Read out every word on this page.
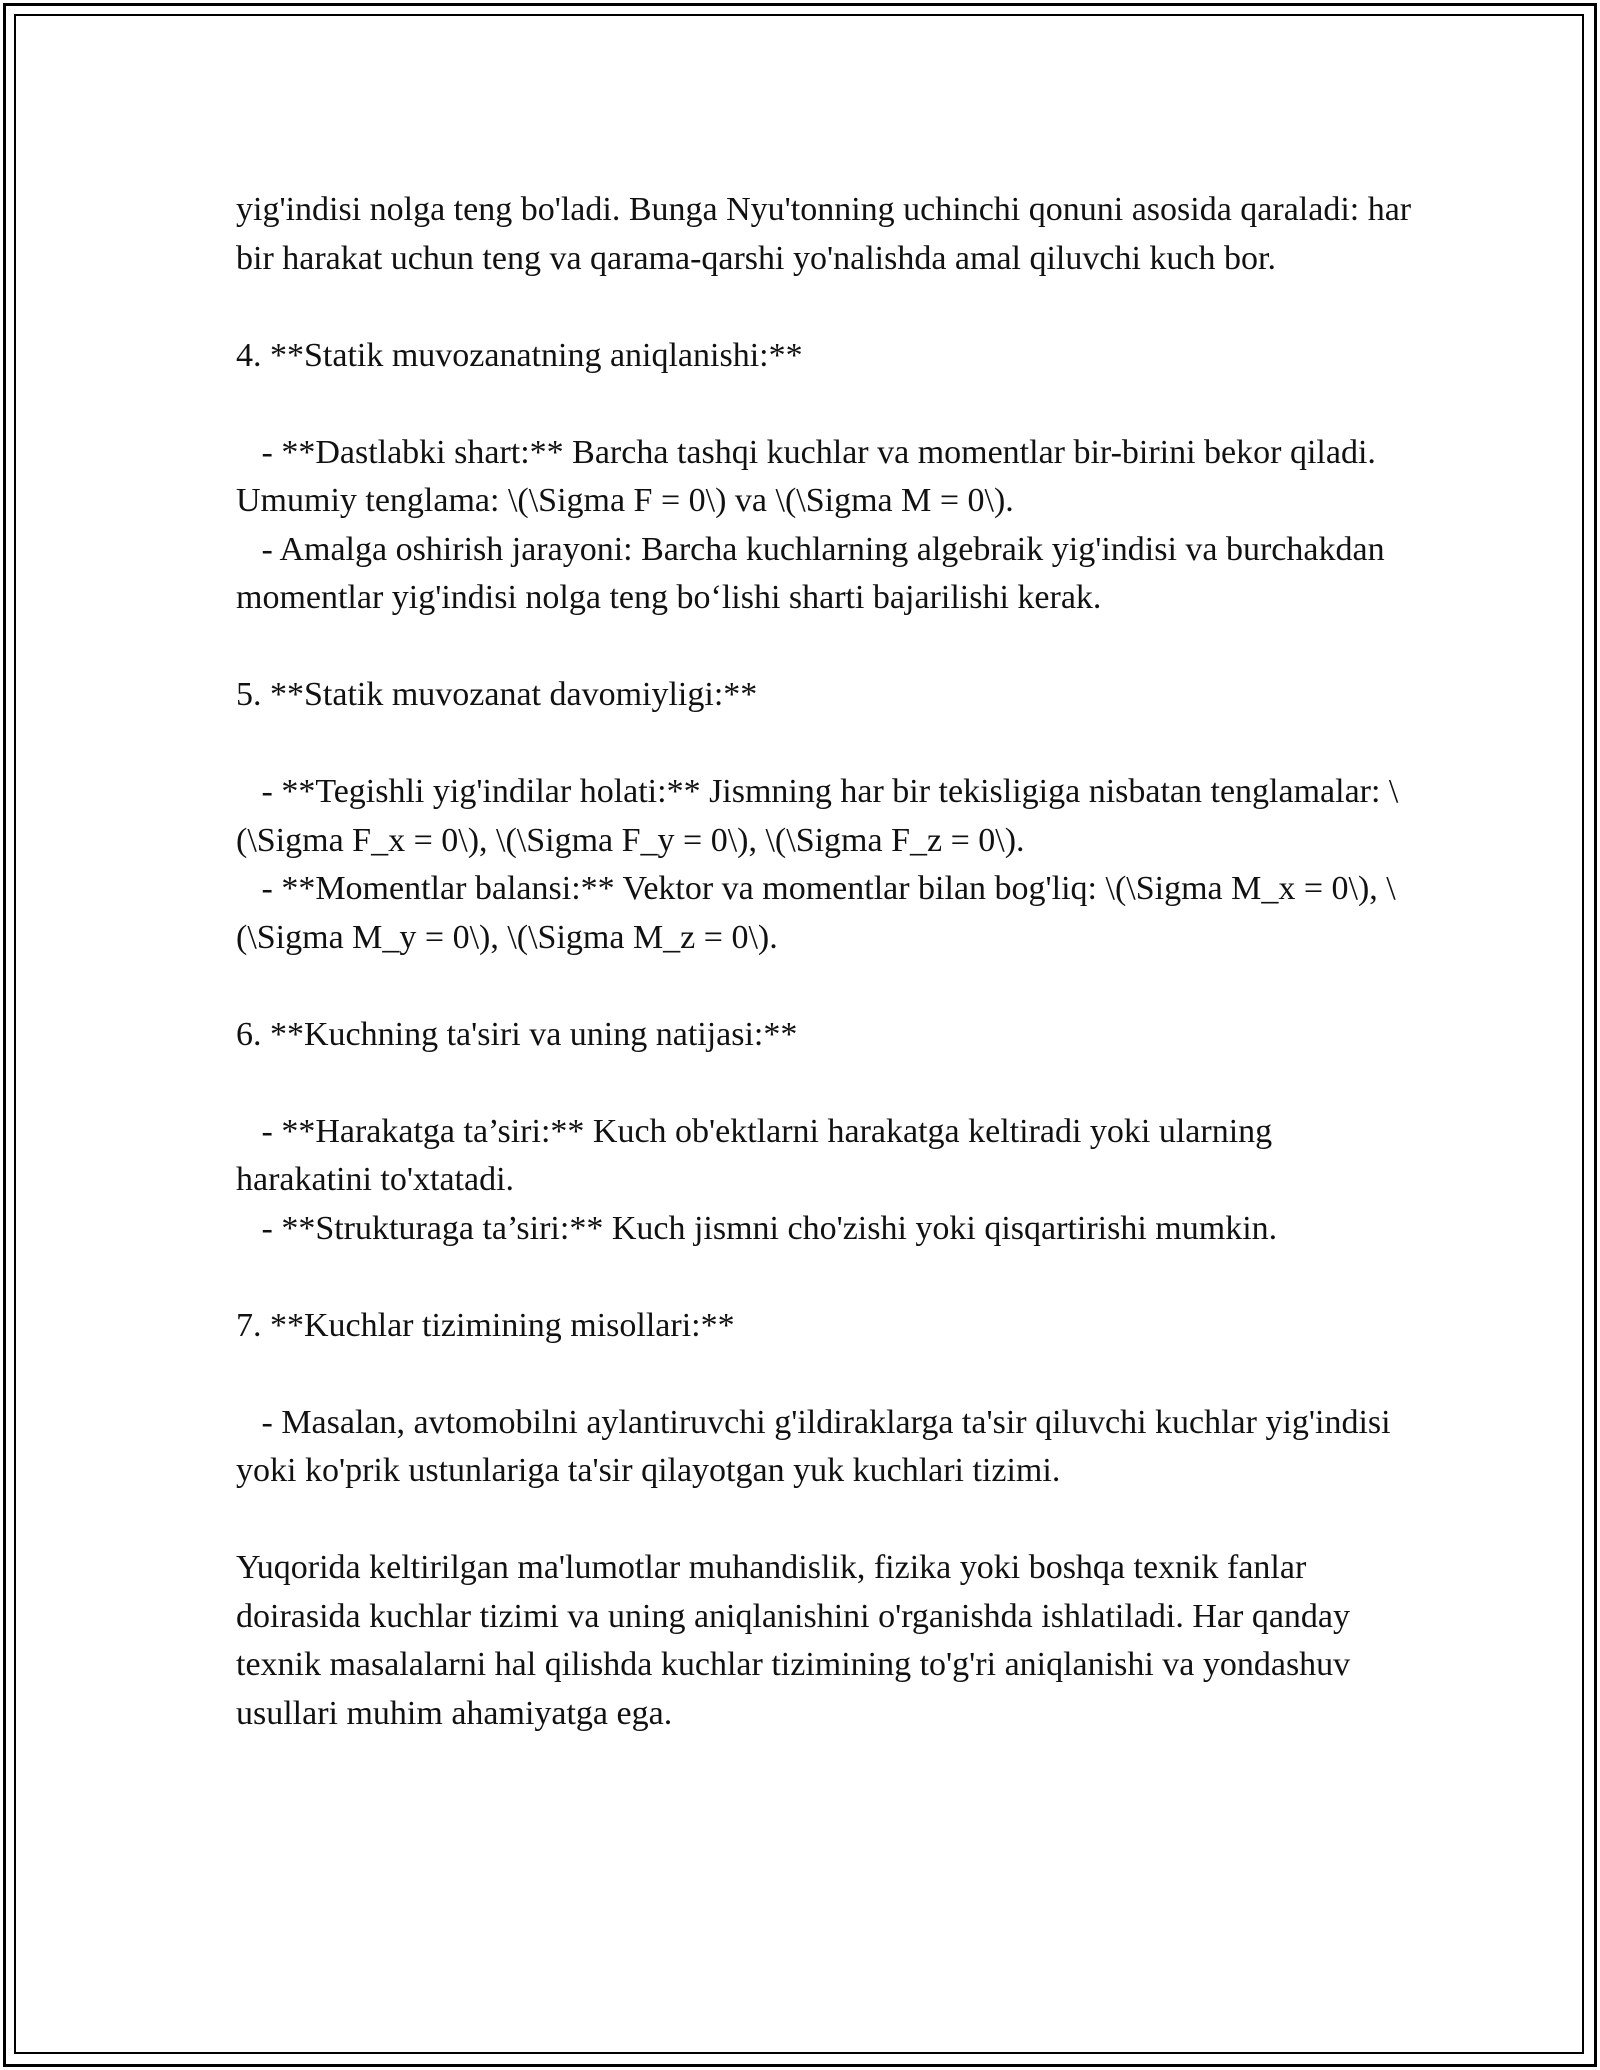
yig'indisi nolga teng bo'ladi. Bunga Nyu'tonning uchinchi qonuni asosida qaraladi: har bir harakat uchun teng va qarama-qarshi yo'nalishda amal qiluvchi kuch bor.

4. **Statik muvozanatning aniqlanishi:**

- **Dastlabki shart:** Barcha tashqi kuchlar va momentlar bir-birini bekor qiladi. Umumiy tenglama: \(\Sigma F = 0\) va \(\Sigma M = 0\).

- Amalga oshirish jarayoni: Barcha kuchlarning algebraik yig'indisi va burchakdan momentlar yig'indisi nolga teng bo‘lishi sharti bajarilishi kerak.

5. **Statik muvozanat davomiyligi:**

- **Tegishli yig'indilar holati:** Jismning har bir tekisligiga nisbatan tenglamalar: \(\Sigma F_x = 0\), \(\Sigma F_y = 0\), \(\Sigma F_z = 0\).

- **Momentlar balansi:** Vektor va momentlar bilan bog'liq: \(\Sigma M_x = 0\), \(\Sigma M_y = 0\), \(\Sigma M_z = 0\).

6. **Kuchning ta'siri va uning natijasi:**

- **Harakatga ta’siri:** Kuch ob'ektlarni harakatga keltiradi yoki ularning harakatini to'xtatadi.

- **Strukturaga ta’siri:** Kuch jismni cho'zishi yoki qisqartirishi mumkin.

7. **Kuchlar tizimining misollari:**

- Masalan, avtomobilni aylantiruvchi g'ildiraklarga ta'sir qiluvchi kuchlar yig'indisi yoki ko'prik ustunlariga ta'sir qilayotgan yuk kuchlari tizimi.

Yuqorida keltirilgan ma'lumotlar muhandislik, fizika yoki boshqa texnik fanlar doirasida kuchlar tizimi va uning aniqlanishini o'rganishda ishlatiladi. Har qanday texnik masalalarni hal qilishda kuchlar tizimining to'g'ri aniqlanishi va yondashuv usullari muhim ahamiyatga ega.
